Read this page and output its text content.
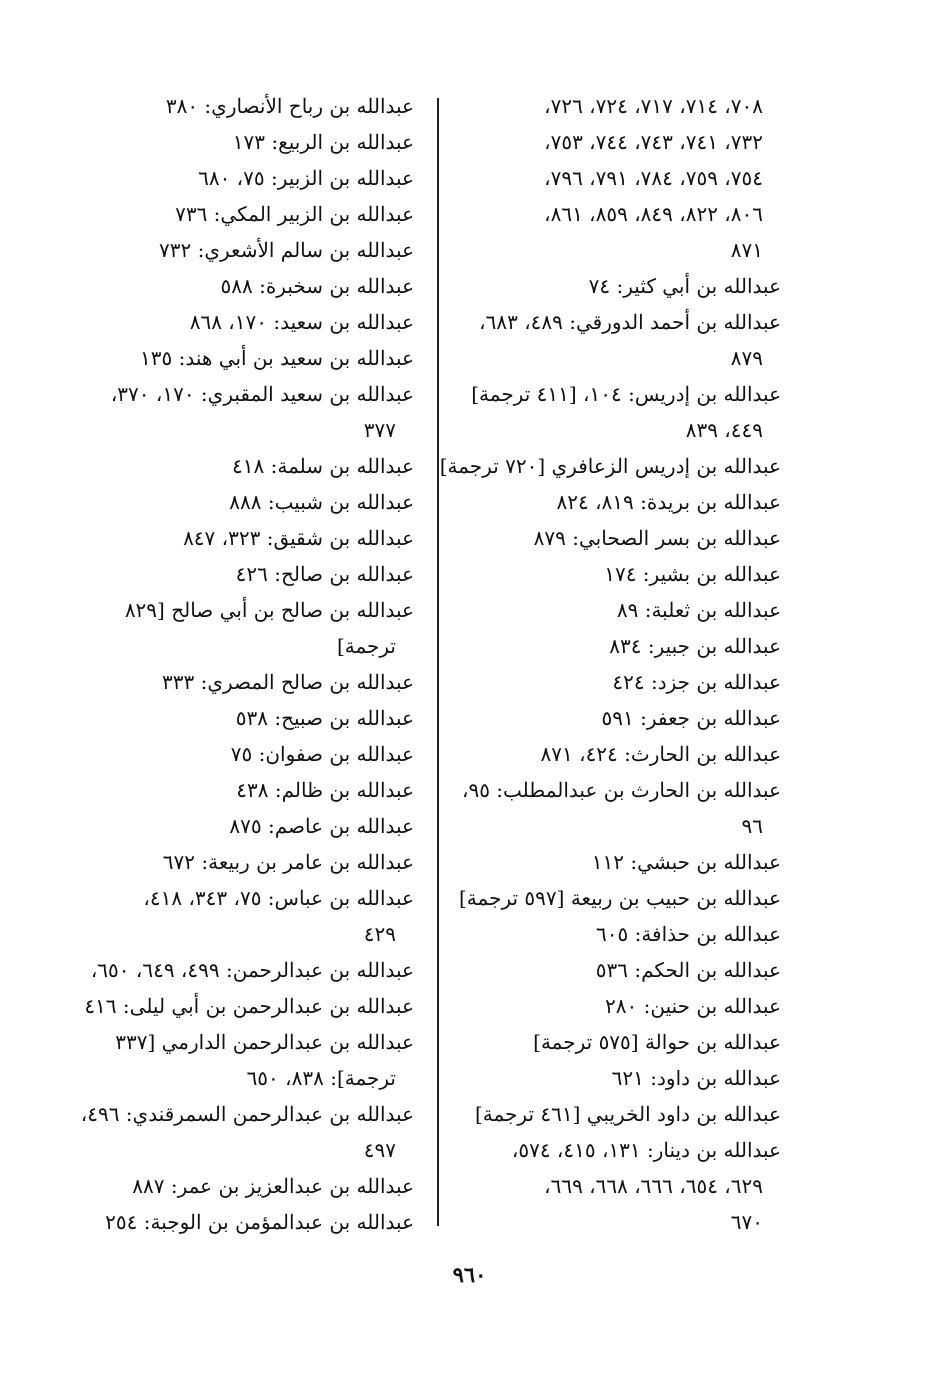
٧٠٨، ٧١٤، ٧١٧، ٧٢٤، ٧٢٦،
٧٣٢، ٧٤١، ٧٤٣، ٧٤٤، ٧٥٣،
٧٥٤، ٧٥٩، ٧٨٤، ٧٩١، ٧٩٦،
٨٠٦، ٨٢٢، ٨٤٩، ٨٥٩، ٨٦١،
٨٧١
عبدالله بن أبي كثير: ٧٤
عبدالله بن أحمد الدورقي: ٤٨٩، ٦٨٣،
٨٧٩
عبدالله بن إدريس: ١٠٤، [٤١١ ترجمة]
٤٤٩، ٨٣٩
عبدالله بن إدريس الزعافري [٧٢٠ ترجمة]
عبدالله بن بريدة: ٨١٩، ٨٢٤
عبدالله بن بسر الصحابي: ٨٧٩
عبدالله بن بشير: ١٧٤
عبدالله بن ثعلبة: ٨٩
عبدالله بن جبير: ٨٣٤
عبدالله بن جزد: ٤٢٤
عبدالله بن جعفر: ٥٩١
عبدالله بن الحارث: ٤٢٤، ٨٧١
عبدالله بن الحارث بن عبدالمطلب: ٩٥،
٩٦
عبدالله بن حبشي: ١١٢
عبدالله بن حبيب بن ربيعة [٥٩٧ ترجمة]
عبدالله بن حذافة: ٦٠٥
عبدالله بن الحكم: ٥٣٦
عبدالله بن حنين: ٢٨٠
عبدالله بن حوالة [٥٧٥ ترجمة]
عبدالله بن داود: ٦٢١
عبدالله بن داود الخريبي [٤٦١ ترجمة]
عبدالله بن دينار: ١٣١، ٤١٥، ٥٧٤،
٦٢٩، ٦٥٤، ٦٦٦، ٦٦٨، ٦٦٩،
٦٧٠
عبدالله بن رباح الأنصاري: ٣٨٠
عبدالله بن الربيع: ١٧٣
عبدالله بن الزبير: ٧٥، ٦٨٠
عبدالله بن الزبير المكي: ٧٣٦
عبدالله بن سالم الأشعري: ٧٣٢
عبدالله بن سخبرة: ٥٨٨
عبدالله بن سعيد: ١٧٠، ٨٦٨
عبدالله بن سعيد بن أبي هند: ١٣٥
عبدالله بن سعيد المقبري: ١٧٠، ٣٧٠،
٣٧٧
عبدالله بن سلمة: ٤١٨
عبدالله بن شبيب: ٨٨٨
عبدالله بن شقيق: ٣٢٣، ٨٤٧
عبدالله بن صالح: ٤٢٦
عبدالله بن صالح بن أبي صالح [٨٢٩
ترجمة]
عبدالله بن صالح المصري: ٣٣٣
عبدالله بن صبيح: ٥٣٨
عبدالله بن صفوان: ٧٥
عبدالله بن ظالم: ٤٣٨
عبدالله بن عاصم: ٨٧٥
عبدالله بن عامر بن ربيعة: ٦٧٢
عبدالله بن عباس: ٧٥، ٣٤٣، ٤١٨،
٤٢٩
عبدالله بن عبدالرحمن: ٤٩٩، ٦٤٩، ٦٥٠،
عبدالله بن عبدالرحمن بن أبي ليلى: ٤١٦
عبدالله بن عبدالرحمن الدارمي [٣٣٧
ترجمة]: ٨٣٨، ٦٥٠
عبدالله بن عبدالرحمن السمرقندي: ٤٩٦،
٤٩٧
عبدالله بن عبدالعزيز بن عمر: ٨٨٧
عبدالله بن عبدالمؤمن بن الوجبة: ٢٥٤
٩٦٠
